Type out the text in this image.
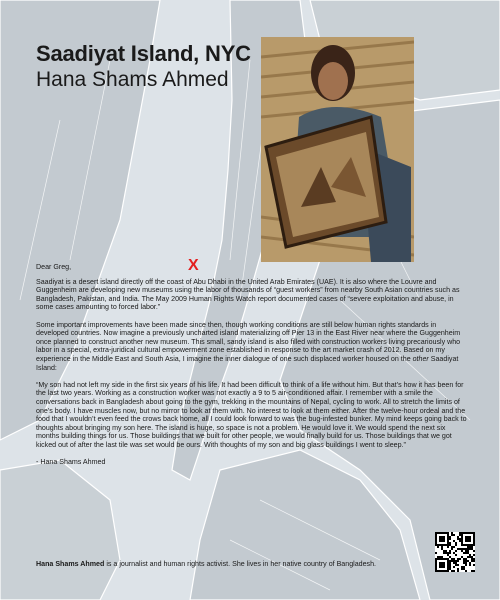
Saadiyat Island, NYC
Hana Shams Ahmed
X

Dear Greg,

Saadiyat is a desert island directly off the coast of Abu Dhabi in the United Arab Emirates (UAE). It is also where the Louvre and Guggenheim are developing new museums using the labor of thousands of “guest workers” from nearby South Asian countries such as Bangladesh, Pakistan, and India. The May 2009 Human Rights Watch report documented cases of “severe exploitation and abuse, in some cases amounting to forced labor.”

Some important improvements have been made since then, though working conditions are still below human rights standards in developed countries. Now imagine a previously uncharted island materializing off Pier 13 in the East River near where the Guggenheim once planned to construct another new museum. This small, sandy island is also filled with construction workers living precariously who labor in a special, extra-juridical cultural empowerment zone established in response to the art market crash of 2012. Based on my experience in the Middle East and South Asia, I imagine the inner dialogue of one such displaced worker housed on the other Saadiyat Island:

“My son had not left my side in the first six years of his life. It had been difficult to think of a life without him. But that’s how it has been for the last two years. Working as a construction worker was not exactly a 9 to 5 air-conditioned affair. I remember with a smile the conversations back in Bangladesh about going to the gym, trekking in the mountains of Nepal, cycling to work. All to stretch the limits of one’s body. I have muscles now, but no mirror to look at them with. No interest to look at them either. After the twelve-hour ordeal and the food that I wouldn’t even feed the crows back home, all I could look forward to was the bug-infested bunker. My mind keeps going back to thoughts about bringing my son here. The island is huge, so space is not a problem. He would love it. We would spend the next six months building things for us. Those buildings that we built for other people, we would finally build for us. Those buildings that we got kicked out of after the last tile was set would be ours. With thoughts of my son and big glass buildings I went to sleep.”

- Hana Shams Ahmed

Hana Shams Ahmed is a journalist and human rights activist. She lives in her native country of Bangladesh.
